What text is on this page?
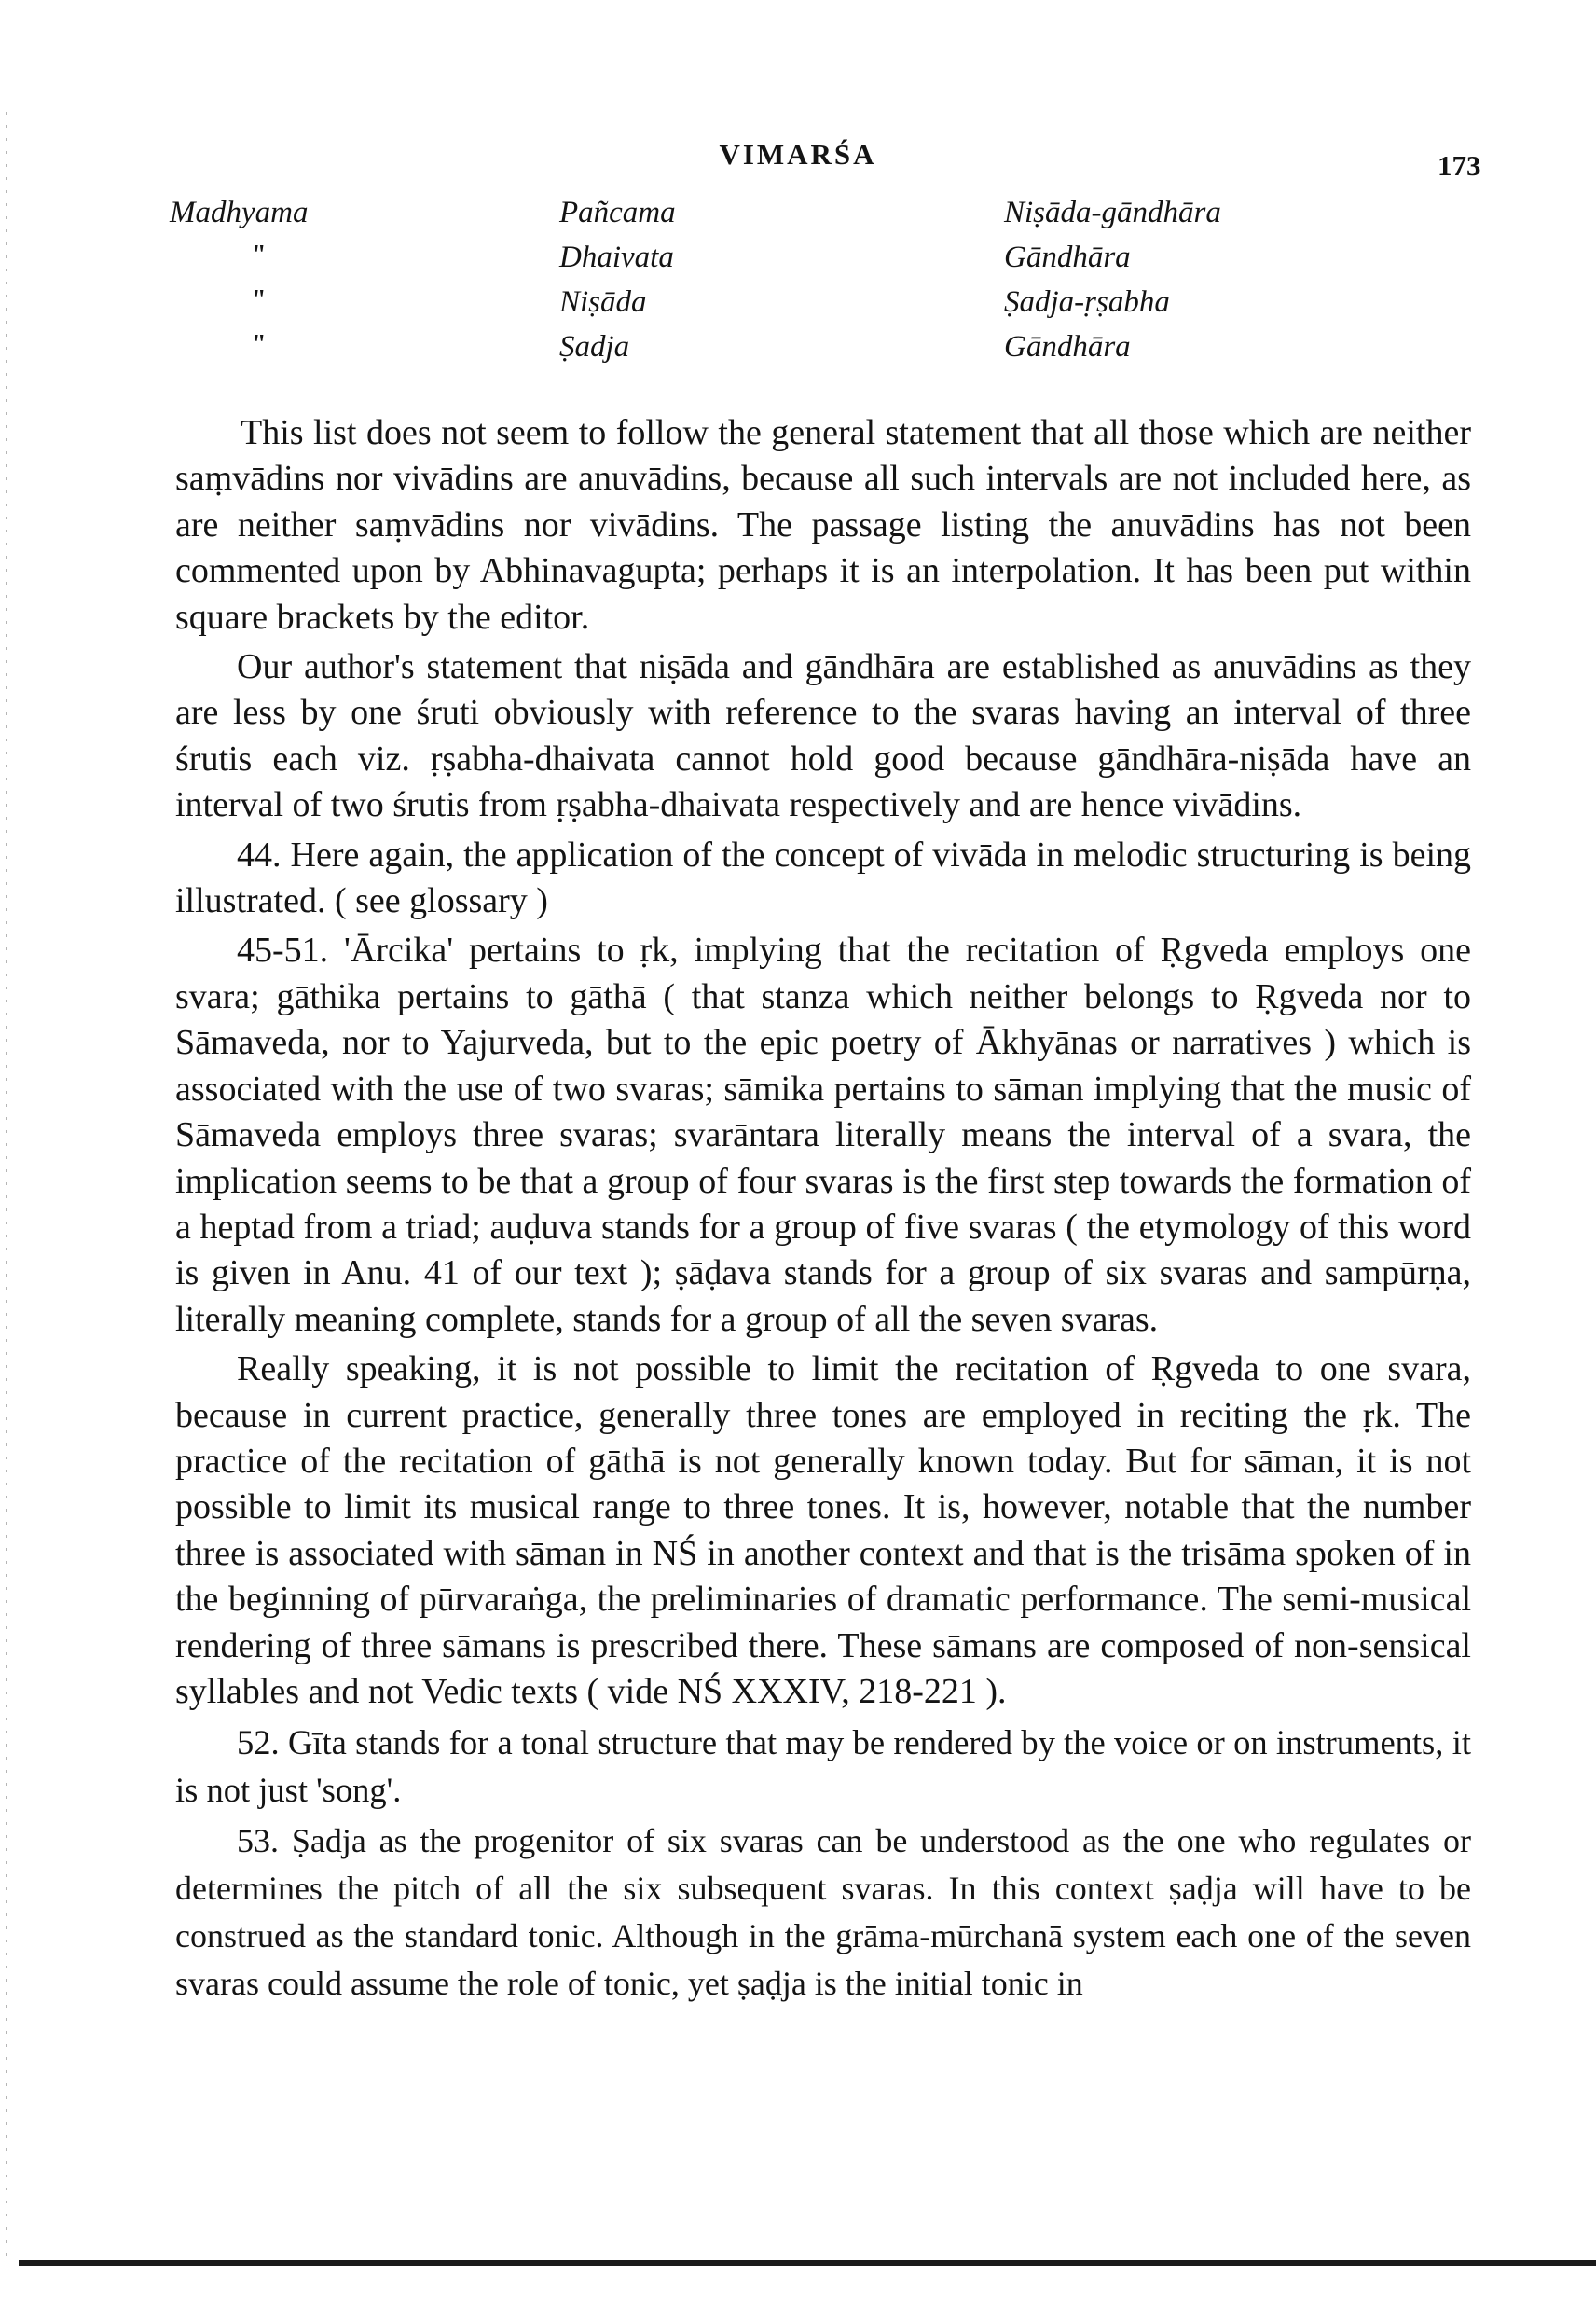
VIMARŚA	173
Madhyama	Pañcama	Niṣāda-gāndhāra
"	Dhaivata	Gāndhāra
"	Niṣāda	Ṣadja-ṛṣabha
"	Ṣadja	Gāndhāra

This list does not seem to follow the general statement that all those which are neither saṃvādins nor vivādins are anuvādins, because all such intervals are not included here, as are neither saṃvādins nor vivādins. The passage listing the anuvādins has not been commented upon by Abhinavagupta; perhaps it is an interpolation. It has been put within square brackets by the editor.

Our author's statement that niṣāda and gāndhāra are established as anuvādins as they are less by one śruti obviously with reference to the svaras having an interval of three śrutis each viz. ṛṣabha-dhaivata cannot hold good because gāndhāra-niṣāda have an interval of two śrutis from ṛṣabha-dhaivata respectively and are hence vivādins.

44. Here again, the application of the concept of vivāda in melodic structuring is being illustrated. ( see glossary )

45-51. 'Ārcika' pertains to ṛk, implying that the recitation of Ṛgveda employs one svara; gāthika pertains to gāthā ( that stanza which neither belongs to Ṛgveda nor to Sāmaveda, nor to Yajurveda, but to the epic poetry of Ākhyānas or narratives ) which is associated with the use of two svaras; sāmika pertains to sāman implying that the music of Sāmaveda employs three svaras; svarāntara literally means the interval of a svara, the implication seems to be that a group of four svaras is the first step towards the formation of a heptad from a triad; auḍuva stands for a group of five svaras ( the etymology of this word is given in Anu. 41 of our text ); ṣāḍava stands for a group of six svaras and sampūrṇa, literally meaning complete, stands for a group of all the seven svaras.

Really speaking, it is not possible to limit the recitation of Ṛgveda to one svara, because in current practice, generally three tones are employed in reciting the ṛk. The practice of the recitation of gāthā is not generally known today. But for sāman, it is not possible to limit its musical range to three tones. It is, however, notable that the number three is associated with sāman in NŚ in another context and that is the trisāma spoken of in the beginning of pūrvaraṅga, the preliminaries of dramatic performance. The semi-musical rendering of three sāmans is prescribed there. These sāmans are composed of non-sensical syllables and not Vedic texts ( vide NŚ XXXIV, 218-221 ).

52. Gīta stands for a tonal structure that may be rendered by the voice or on instruments, it is not just 'song'.

53. Ṣadja as the progenitor of six svaras can be understood as the one who regulates or determines the pitch of all the six subsequent svaras. In this context ṣaḍja will have to be construed as the standard tonic. Although in the grāma-mūrchanā system each one of the seven svaras could assume the role of tonic, yet ṣaḍja is the initial tonic in
